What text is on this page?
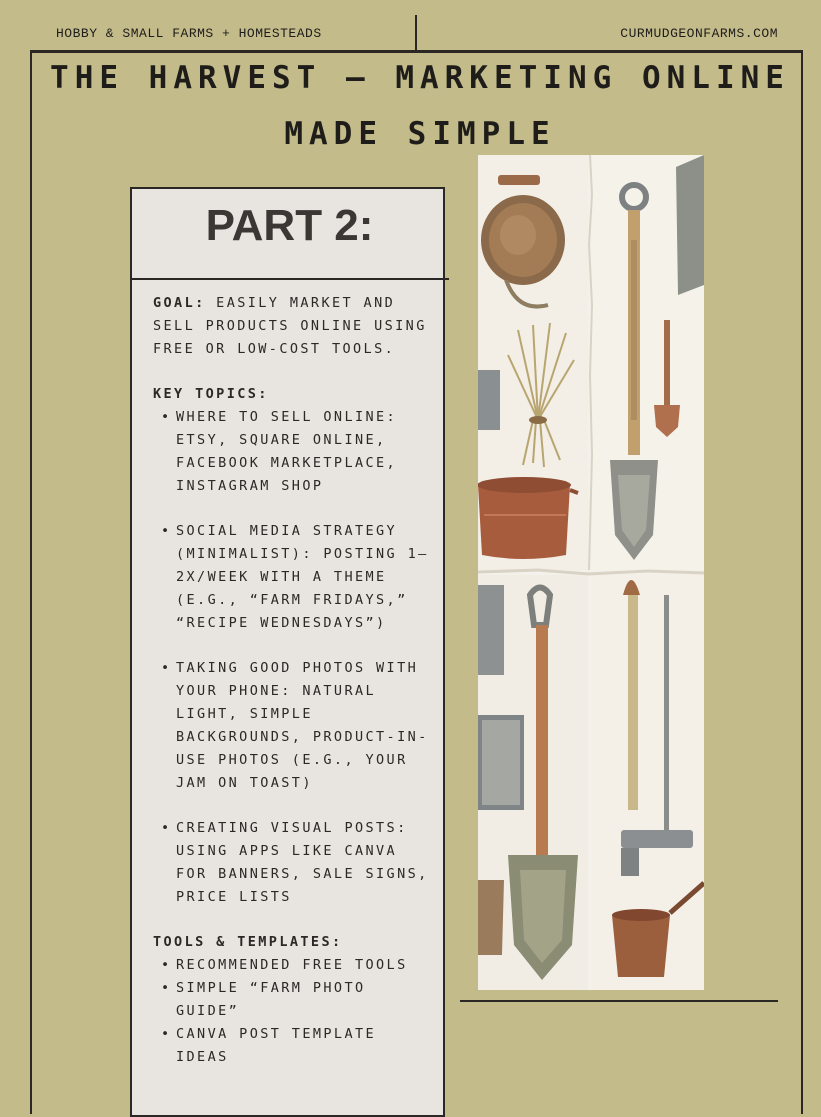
HOBBY & SMALL FARMS + HOMESTEADS	CURMUDGEONFARMS.COM
THE HARVEST – MARKETING ONLINE
MADE SIMPLE
PART 2:

GOAL: EASILY MARKET AND SELL PRODUCTS ONLINE USING FREE OR LOW-COST TOOLS.

KEY TOPICS:

• WHERE TO SELL ONLINE: ETSY, SQUARE ONLINE, FACEBOOK MARKETPLACE, INSTAGRAM SHOP
• SOCIAL MEDIA STRATEGY (MINIMALIST): POSTING 1–2X/WEEK WITH A THEME (E.G., “FARM FRIDAYS,” “RECIPE WEDNESDAYS”)
• TAKING GOOD PHOTOS WITH YOUR PHONE: NATURAL LIGHT, SIMPLE BACKGROUNDS, PRODUCT-IN-USE PHOTOS (E.G., YOUR JAM ON TOAST)
• CREATING VISUAL POSTS: USING APPS LIKE CANVA FOR BANNERS, SALE SIGNS, PRICE LISTS

TOOLS & TEMPLATES:

• RECOMMENDED FREE TOOLS
• SIMPLE “FARM PHOTO GUIDE”
• CANVA POST TEMPLATE IDEAS
